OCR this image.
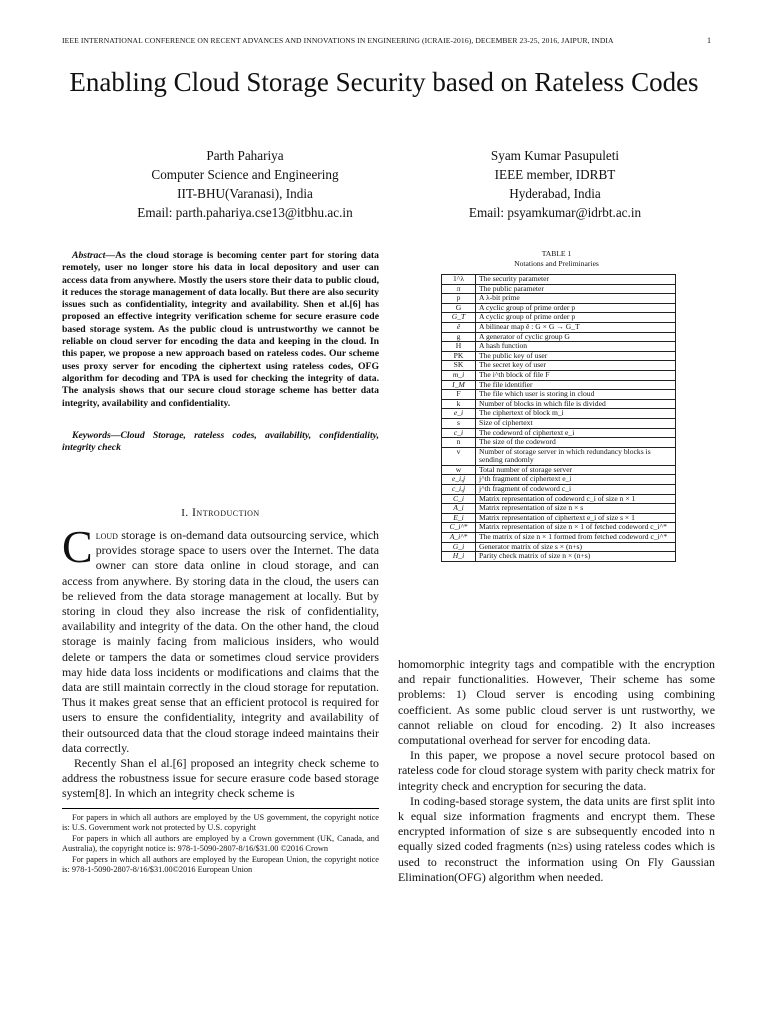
IEEE INTERNATIONAL CONFERENCE ON RECENT ADVANCES AND INNOVATIONS IN ENGINEERING (ICRAIE-2016), DECEMBER 23-25, 2016, JAIPUR, INDIA	1
Enabling Cloud Storage Security based on Rateless Codes
Parth Pahariya
Computer Science and Engineering
IIT-BHU(Varanasi), India
Email: parth.pahariya.cse13@itbhu.ac.in
Syam Kumar Pasupuleti
IEEE member, IDRBT
Hyderabad, India
Email: psyamkumar@idrbt.ac.in
Abstract—As the cloud storage is becoming center part for storing data remotely, user no longer store his data in local depository and user can access data from anywhere. Mostly the users store their data to public cloud, it reduces the storage management of data locally. But there are also security issues such as confidentiality, integrity and availability. Shen et al.[6] has proposed an effective integrity verification scheme for secure erasure code based storage system. As the public cloud is untrustworthy we cannot be reliable on cloud server for encoding the data and keeping in the cloud. In this paper, we propose a new approach based on rateless codes. Our scheme uses proxy server for encoding the ciphertext using rateless codes, OFG algorithm for decoding and TPA is used for checking the integrity of data. The analysis shows that our secure cloud storage scheme has better data integrity, availability and confidentiality.
Keywords—Cloud Storage, rateless codes, availability, confidentiality, integrity check
I. Introduction

Cloud storage is on-demand data outsourcing service, which provides storage space to users over the Internet. The data owner can store data online in cloud storage, and can access from anywhere. By storing data in the cloud, the users can be relieved from the data storage management at locally. But by storing in cloud they also increase the risk of confidentiality, availability and integrity of the data. On the other hand, the cloud storage is mainly facing from malicious insiders, who would delete or tampers the data or sometimes cloud service providers may hide data loss incidents or modifications and claims that the data are still maintain correctly in the cloud storage for reputation. Thus it makes great sense that an efficient protocol is required for users to ensure the confidentiality, integrity and availability of their outsourced data that the cloud storage indeed maintains their data correctly.

Recently Shan el al.[6] proposed an integrity check scheme to address the robustness issue for secure erasure code based storage system[8]. In which an integrity check scheme is

For papers in which all authors are employed by the US government, the copyright notice is: U.S. Government work not protected by U.S. copyright

For papers in which all authors are employed by a Crown government (UK, Canada, and Australia), the copyright notice is: 978-1-5090-2807-8/16/$31.00 ©2016 Crown

For papers in which all authors are employed by the European Union, the copyright notice is: 978-1-5090-2807-8/16/$31.00©2016 European Union

TABLE 1
Notations and Preliminaries
1^λ	The security parameter
π	The public parameter
p	A λ-bit prime
G	A cyclic group of prime order p
G_T	A cyclic group of prime order p
ê	A bilinear map ê : G × G → G_T
g	A generator of cyclic group G
H	A hash function
PK	The public key of user
SK	The secret key of user
m_i	The i^th block of file F
I_M	The file identifier
F	The file which user is storing in cloud
k	Number of blocks in which file is divided
e_i	The ciphertext of block m_i
s	Size of ciphertext
c_i	The codeword of ciphertext e_i
n	The size of the codeword
v	Number of storage server in which redundancy blocks is sending randomly
w	Total number of storage server
e_i,j	j^th fragment of ciphertext e_i
c_i,j	j^th fragment of codeword c_i
C_i	Matrix representation of codeword c_i of size n × 1
A_i	Matrix representation of size n × s
E_i	Matrix representation of ciphertext e_i of size s × 1
C_i^*	Matrix representation of size n × 1 of fetched codeword c_i^*
A_i^*	The matrix of size n × 1 formed from fetched codeword c_i^*
G_i	Generator matrix of size s × (n+s)
H_i	Parity check matrix of size n × (n+s)

homomorphic integrity tags and compatible with the encryption and repair functionalities. However, Their scheme has some problems: 1) Cloud server is encoding using combining coefficient. As some public cloud server is unt rustworthy, we cannot reliable on cloud for encoding. 2) It also increases computational overhead for server for encoding data.

In this paper, we propose a novel secure protocol based on rateless code for cloud storage system with parity check matrix for integrity check and encryption for securing the data.

In coding-based storage system, the data units are first split into k equal size information fragments and encrypt them. These encrypted information of size s are subsequently encoded into n equally sized coded fragments (n≥s) using rateless codes which is used to reconstruct the information using On Fly Gaussian Elimination(OFG) algorithm when needed.
